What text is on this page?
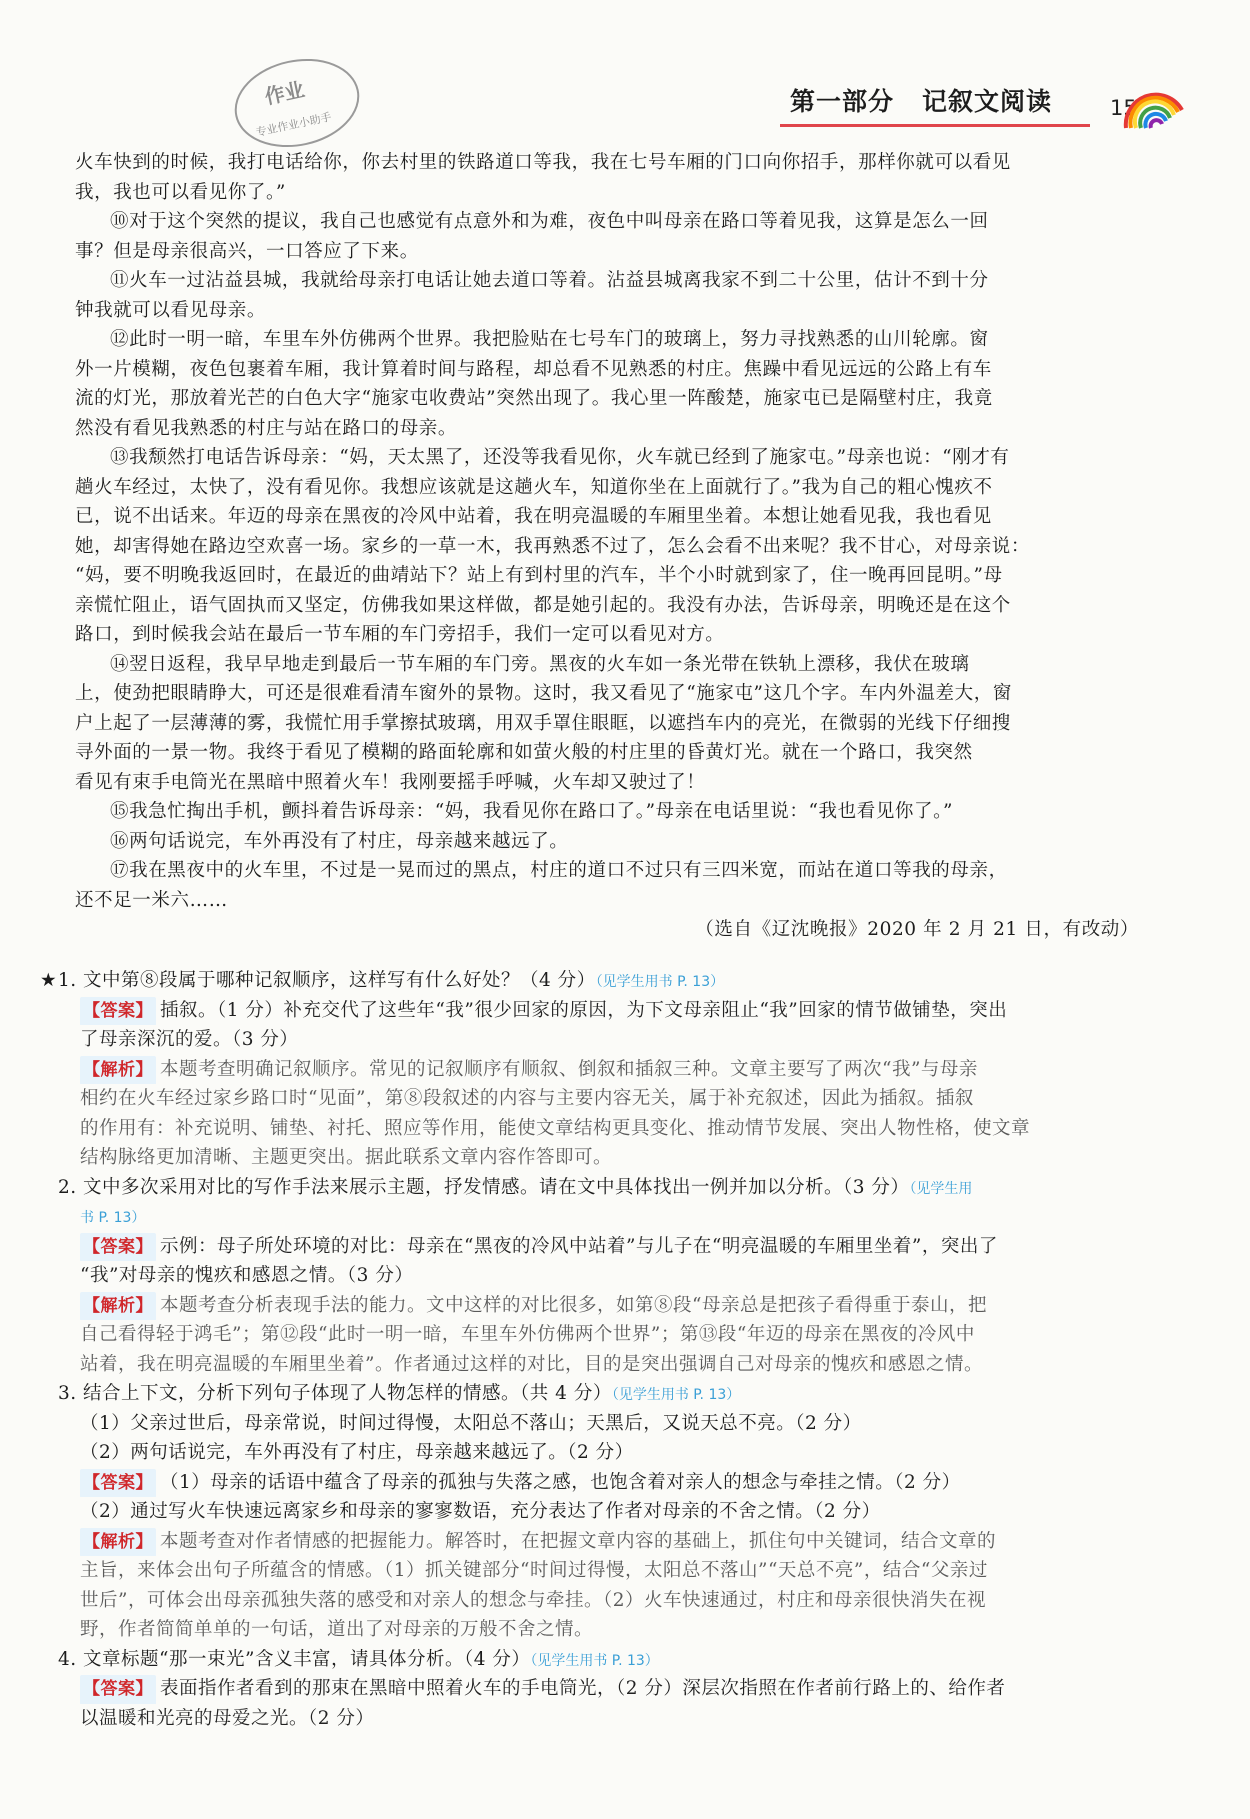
作业
专业作业小助手
第一部分 记叙文阅读	15
火车快到的时候，我打电话给你，你去村里的铁路道口等我，我在七号车厢的门口向你招手，那样你就可以看见
我，我也可以看见你了。”
⑩对于这个突然的提议，我自己也感觉有点意外和为难，夜色中叫母亲在路口等着见我，这算是怎么一回
事？但是母亲很高兴，一口答应了下来。
⑪火车一过沾益县城，我就给母亲打电话让她去道口等着。沾益县城离我家不到二十公里，估计不到十分
钟我就可以看见母亲。
⑫此时一明一暗，车里车外仿佛两个世界。我把脸贴在七号车门的玻璃上，努力寻找熟悉的山川轮廓。窗
外一片模糊，夜色包裹着车厢，我计算着时间与路程，却总看不见熟悉的村庄。焦躁中看见远远的公路上有车
流的灯光，那放着光芒的白色大字“施家屯收费站”突然出现了。我心里一阵酸楚，施家屯已是隔壁村庄，我竟
然没有看见我熟悉的村庄与站在路口的母亲。
⑬我颓然打电话告诉母亲：“妈，天太黑了，还没等我看见你，火车就已经到了施家屯。”母亲也说：“刚才有
趟火车经过，太快了，没有看见你。我想应该就是这趟火车，知道你坐在上面就行了。”我为自己的粗心愧疚不
已，说不出话来。年迈的母亲在黑夜的冷风中站着，我在明亮温暖的车厢里坐着。本想让她看见我，我也看见
她，却害得她在路边空欢喜一场。家乡的一草一木，我再熟悉不过了，怎么会看不出来呢？我不甘心，对母亲说：
“妈，要不明晚我返回时，在最近的曲靖站下？站上有到村里的汽车，半个小时就到家了，住一晚再回昆明。”母
亲慌忙阻止，语气固执而又坚定，仿佛我如果这样做，都是她引起的。我没有办法，告诉母亲，明晚还是在这个
路口，到时候我会站在最后一节车厢的车门旁招手，我们一定可以看见对方。
⑭翌日返程，我早早地走到最后一节车厢的车门旁。黑夜的火车如一条光带在铁轨上漂移，我伏在玻璃
上，使劲把眼睛睁大，可还是很难看清车窗外的景物。这时，我又看见了“施家屯”这几个字。车内外温差大，窗
户上起了一层薄薄的雾，我慌忙用手掌擦拭玻璃，用双手罩住眼眶，以遮挡车内的亮光，在微弱的光线下仔细搜
寻外面的一景一物。我终于看见了模糊的路面轮廓和如萤火般的村庄里的昏黄灯光。就在一个路口，我突然
看见有束手电筒光在黑暗中照着火车！我刚要摇手呼喊，火车却又驶过了！
⑮我急忙掏出手机，颤抖着告诉母亲：“妈，我看见你在路口了。”母亲在电话里说：“我也看见你了。”
⑯两句话说完，车外再没有了村庄，母亲越来越远了。
⑰我在黑夜中的火车里，不过是一晃而过的黑点，村庄的道口不过只有三四米宽，而站在道口等我的母亲，
还不足一米六……
（选自《辽沈晚报》2020 年 2 月 21 日，有改动）
★1. 文中第⑧段属于哪种记叙顺序，这样写有什么好处？（4 分）（见学生用书 P. 13）
【答案】 插叙。（1 分）补充交代了这些年“我”很少回家的原因，为下文母亲阻止“我”回家的情节做铺垫，突出
了母亲深沉的爱。（3 分）
【解析】 本题考查明确记叙顺序。常见的记叙顺序有顺叙、倒叙和插叙三种。文章主要写了两次“我”与母亲
相约在火车经过家乡路口时“见面”，第⑧段叙述的内容与主要内容无关，属于补充叙述，因此为插叙。插叙
的作用有：补充说明、铺垫、衬托、照应等作用，能使文章结构更具变化、推动情节发展、突出人物性格，使文章
结构脉络更加清晰、主题更突出。据此联系文章内容作答即可。
2. 文中多次采用对比的写作手法来展示主题，抒发情感。请在文中具体找出一例并加以分析。（3 分）（见学生用
书 P. 13）
【答案】 示例：母子所处环境的对比：母亲在“黑夜的冷风中站着”与儿子在“明亮温暖的车厢里坐着”，突出了
“我”对母亲的愧疚和感恩之情。（3 分）
【解析】 本题考查分析表现手法的能力。文中这样的对比很多，如第⑧段“母亲总是把孩子看得重于泰山，把
自己看得轻于鸿毛”；第⑫段“此时一明一暗，车里车外仿佛两个世界”；第⑬段“年迈的母亲在黑夜的冷风中
站着，我在明亮温暖的车厢里坐着”。作者通过这样的对比，目的是突出强调自己对母亲的愧疚和感恩之情。
3. 结合上下文，分析下列句子体现了人物怎样的情感。（共 4 分）（见学生用书 P. 13）
（1）父亲过世后，母亲常说，时间过得慢，太阳总不落山；天黑后，又说天总不亮。（2 分）
（2）两句话说完，车外再没有了村庄，母亲越来越远了。（2 分）
【答案】 （1）母亲的话语中蕴含了母亲的孤独与失落之感，也饱含着对亲人的想念与牵挂之情。（2 分）
（2）通过写火车快速远离家乡和母亲的寥寥数语，充分表达了作者对母亲的不舍之情。（2 分）
【解析】 本题考查对作者情感的把握能力。解答时，在把握文章内容的基础上，抓住句中关键词，结合文章的
主旨，来体会出句子所蕴含的情感。（1）抓关键部分“时间过得慢，太阳总不落山”“天总不亮”，结合“父亲过
世后”，可体会出母亲孤独失落的感受和对亲人的想念与牵挂。（2）火车快速通过，村庄和母亲很快消失在视
野，作者简简单单的一句话，道出了对母亲的万般不舍之情。
4. 文章标题“那一束光”含义丰富，请具体分析。（4 分）（见学生用书 P. 13）
【答案】 表面指作者看到的那束在黑暗中照着火车的手电筒光，（2 分）深层次指照在作者前行路上的、给作者
以温暖和光亮的母爱之光。（2 分）
